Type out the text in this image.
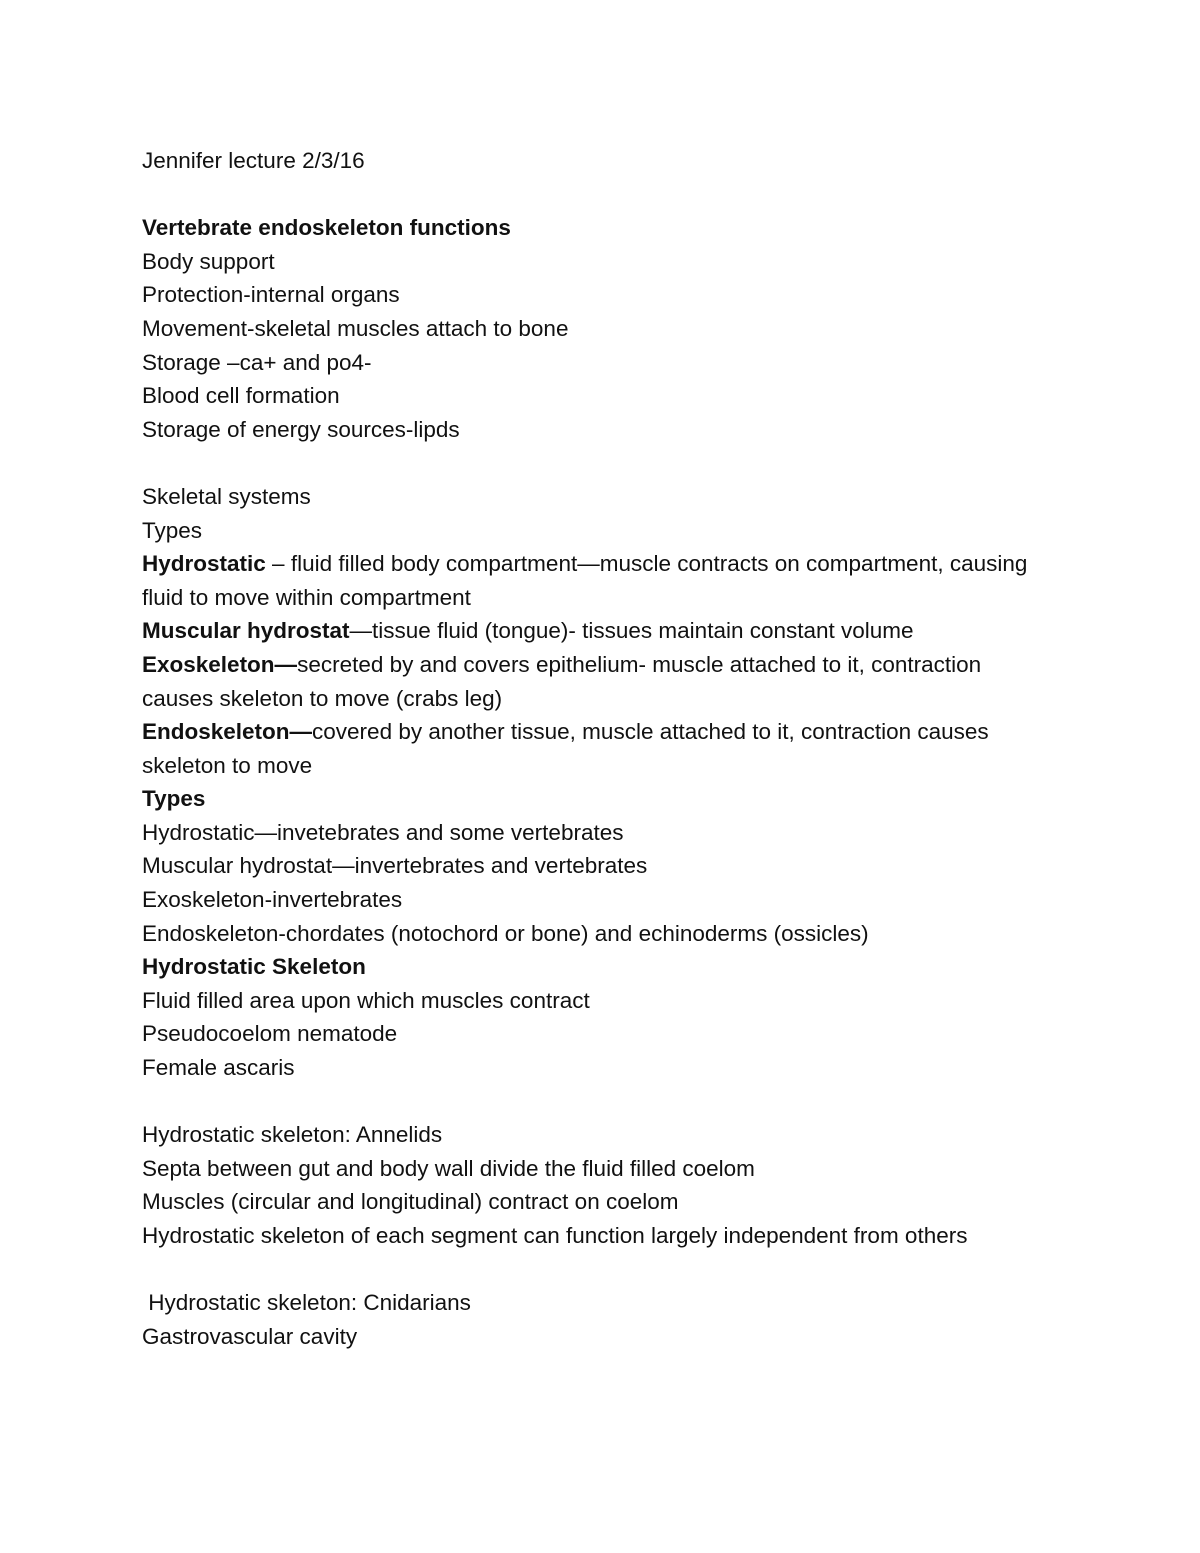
Jennifer lecture 2/3/16
Vertebrate endoskeleton functions
Body support
Protection-internal organs
Movement-skeletal muscles attach to bone
Storage –ca+ and po4-
Blood cell formation
Storage of energy sources-lipds
Skeletal systems
Types
Hydrostatic – fluid filled body compartment—muscle contracts on compartment, causing fluid to move within compartment
Muscular hydrostat—tissue fluid (tongue)- tissues maintain constant volume
Exoskeleton—secreted by and covers epithelium- muscle attached to it, contraction causes skeleton to move (crabs leg)
Endoskeleton—covered by another tissue, muscle attached to it, contraction causes skeleton to move
Types
Hydrostatic—invetebrates and some vertebrates
Muscular hydrostat—invertebrates and vertebrates
Exoskeleton-invertebrates
Endoskeleton-chordates (notochord or bone) and echinoderms (ossicles)
Hydrostatic Skeleton
Fluid filled area upon which muscles contract
Pseudocoelom nematode
Female ascaris
Hydrostatic skeleton: Annelids
Septa between gut and body wall divide the fluid filled coelom
Muscles (circular and longitudinal) contract on coelom
Hydrostatic skeleton of each segment can function largely independent from others
Hydrostatic skeleton: Cnidarians
Gastrovascular cavity
